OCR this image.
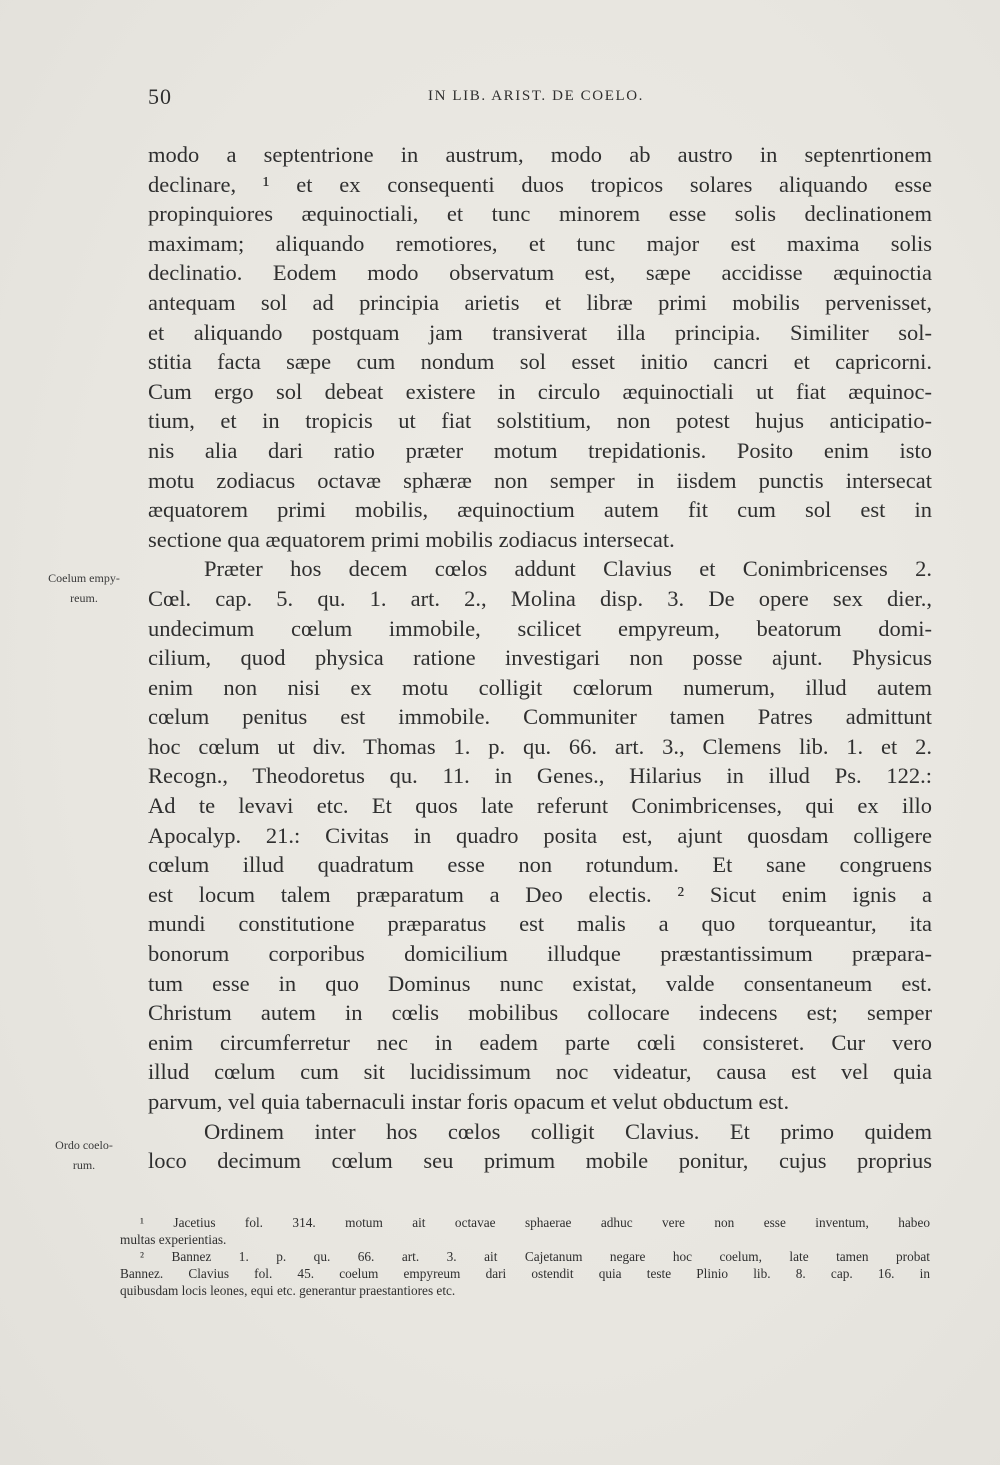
50	IN LIB. ARIST. DE COELO.
Coelum empy-
reum.
Ordo coelo-
rum.
modo a septentrione in austrum, modo ab austro in septenrtionem
declinare, ¹ et ex consequenti duos tropicos solares aliquando esse
propinquiores æquinoctiali, et tunc minorem esse solis declinationem
maximam; aliquando remotiores, et tunc major est maxima solis
declinatio. Eodem modo observatum est, sæpe accidisse æquinoctia
antequam sol ad principia arietis et libræ primi mobilis pervenisset,
et aliquando postquam jam transiverat illa principia. Similiter sol-
stitia facta sæpe cum nondum sol esset initio cancri et capricorni.
Cum ergo sol debeat existere in circulo æquinoctiali ut fiat æquinoc-
tium, et in tropicis ut fiat solstitium, non potest hujus anticipatio-
nis alia dari ratio præter motum trepidationis. Posito enim isto
motu zodiacus octavæ sphæræ non semper in iisdem punctis intersecat
æquatorem primi mobilis, æquinoctium autem fit cum sol est in
sectione qua æquatorem primi mobilis zodiacus intersecat.
Præter hos decem cœlos addunt Clavius et Conimbricenses 2.
Cœl. cap. 5. qu. 1. art. 2., Molina disp. 3. De opere sex dier.,
undecimum cœlum immobile, scilicet empyreum, beatorum domi-
cilium, quod physica ratione investigari non posse ajunt. Physicus
enim non nisi ex motu colligit cœlorum numerum, illud autem
cœlum penitus est immobile. Communiter tamen Patres admittunt
hoc cœlum ut div. Thomas 1. p. qu. 66. art. 3., Clemens lib. 1. et 2.
Recogn., Theodoretus qu. 11. in Genes., Hilarius in illud Ps. 122.:
Ad te levavi etc. Et quos late referunt Conimbricenses, qui ex illo
Apocalyp. 21.: Civitas in quadro posita est, ajunt quosdam colligere
cœlum illud quadratum esse non rotundum. Et sane congruens
est locum talem præparatum a Deo electis. ² Sicut enim ignis a
mundi constitutione præparatus est malis a quo torqueantur, ita
bonorum corporibus domicilium illudque præstantissimum præpara-
tum esse in quo Dominus nunc existat, valde consentaneum est.
Christum autem in cœlis mobilibus collocare indecens est; semper
enim circumferretur nec in eadem parte cœli consisteret. Cur vero
illud cœlum cum sit lucidissimum noc videatur, causa est vel quia
parvum, vel quia tabernaculi instar foris opacum et velut obductum est.
Ordinem inter hos cœlos colligit Clavius. Et primo quidem
loco decimum cœlum seu primum mobile ponitur, cujus proprius
¹ Jacetius fol. 314. motum ait octavae sphaerae adhuc vere non esse inventum, habeo
multas experientias.
² Bannez 1. p. qu. 66. art. 3. ait Cajetanum negare hoc coelum, late tamen probat
Bannez. Clavius fol. 45. coelum empyreum dari ostendit quia teste Plinio lib. 8. cap. 16. in
quibusdam locis leones, equi etc. generantur praestantiores etc.
